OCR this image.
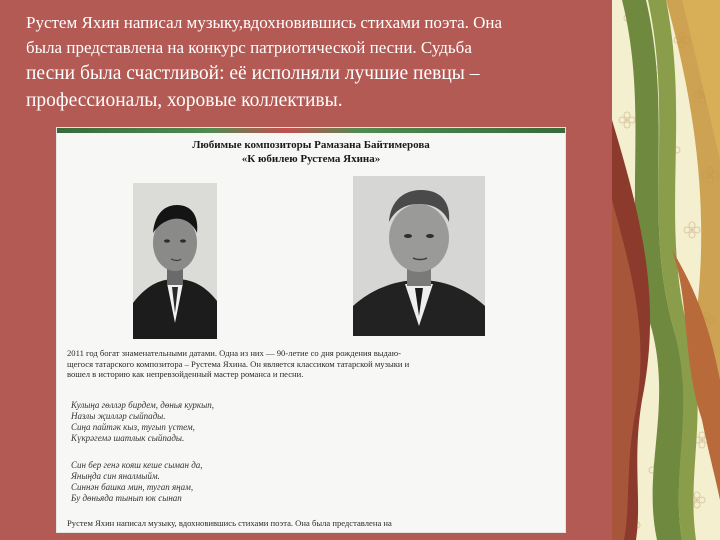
Рустем Яхин написал музыку,вдохновившись стихами поэта. Она
была представлена на конкурс патриотической песни. Судьба
песни была счастливой: её исполняли лучшие певцы –
профессионалы, хоровые коллективы.
Любимые композиторы Рамазана Байтимерова
«К юбилею Рустема Яхина»
2011 год богат знаменательными датами. Одна из них — 90-летие со дня рождения выдаю-
щегося татарского композитора – Рустема Яхина. Он является классиком татарской музыки и
вошел в историю как непревзойденный мастер романса и песни.
Кулыңа гөлләр бирдем, дөнья куркып,
Назлы җилләр сыйпады.
Сиңа пайтәк кыз, тугып үстем,
Күкрәгемә шатлык сыйпады.
Син бер генә кояш кеше сыман да,
Яныңда син яналмыйм.
Синнән башка мин, тугап яңам,
Бу дөньяда тынып юк сынап
Рустем Яхин написал музыку, вдохновившись стихами поэта. Она была представлена на
